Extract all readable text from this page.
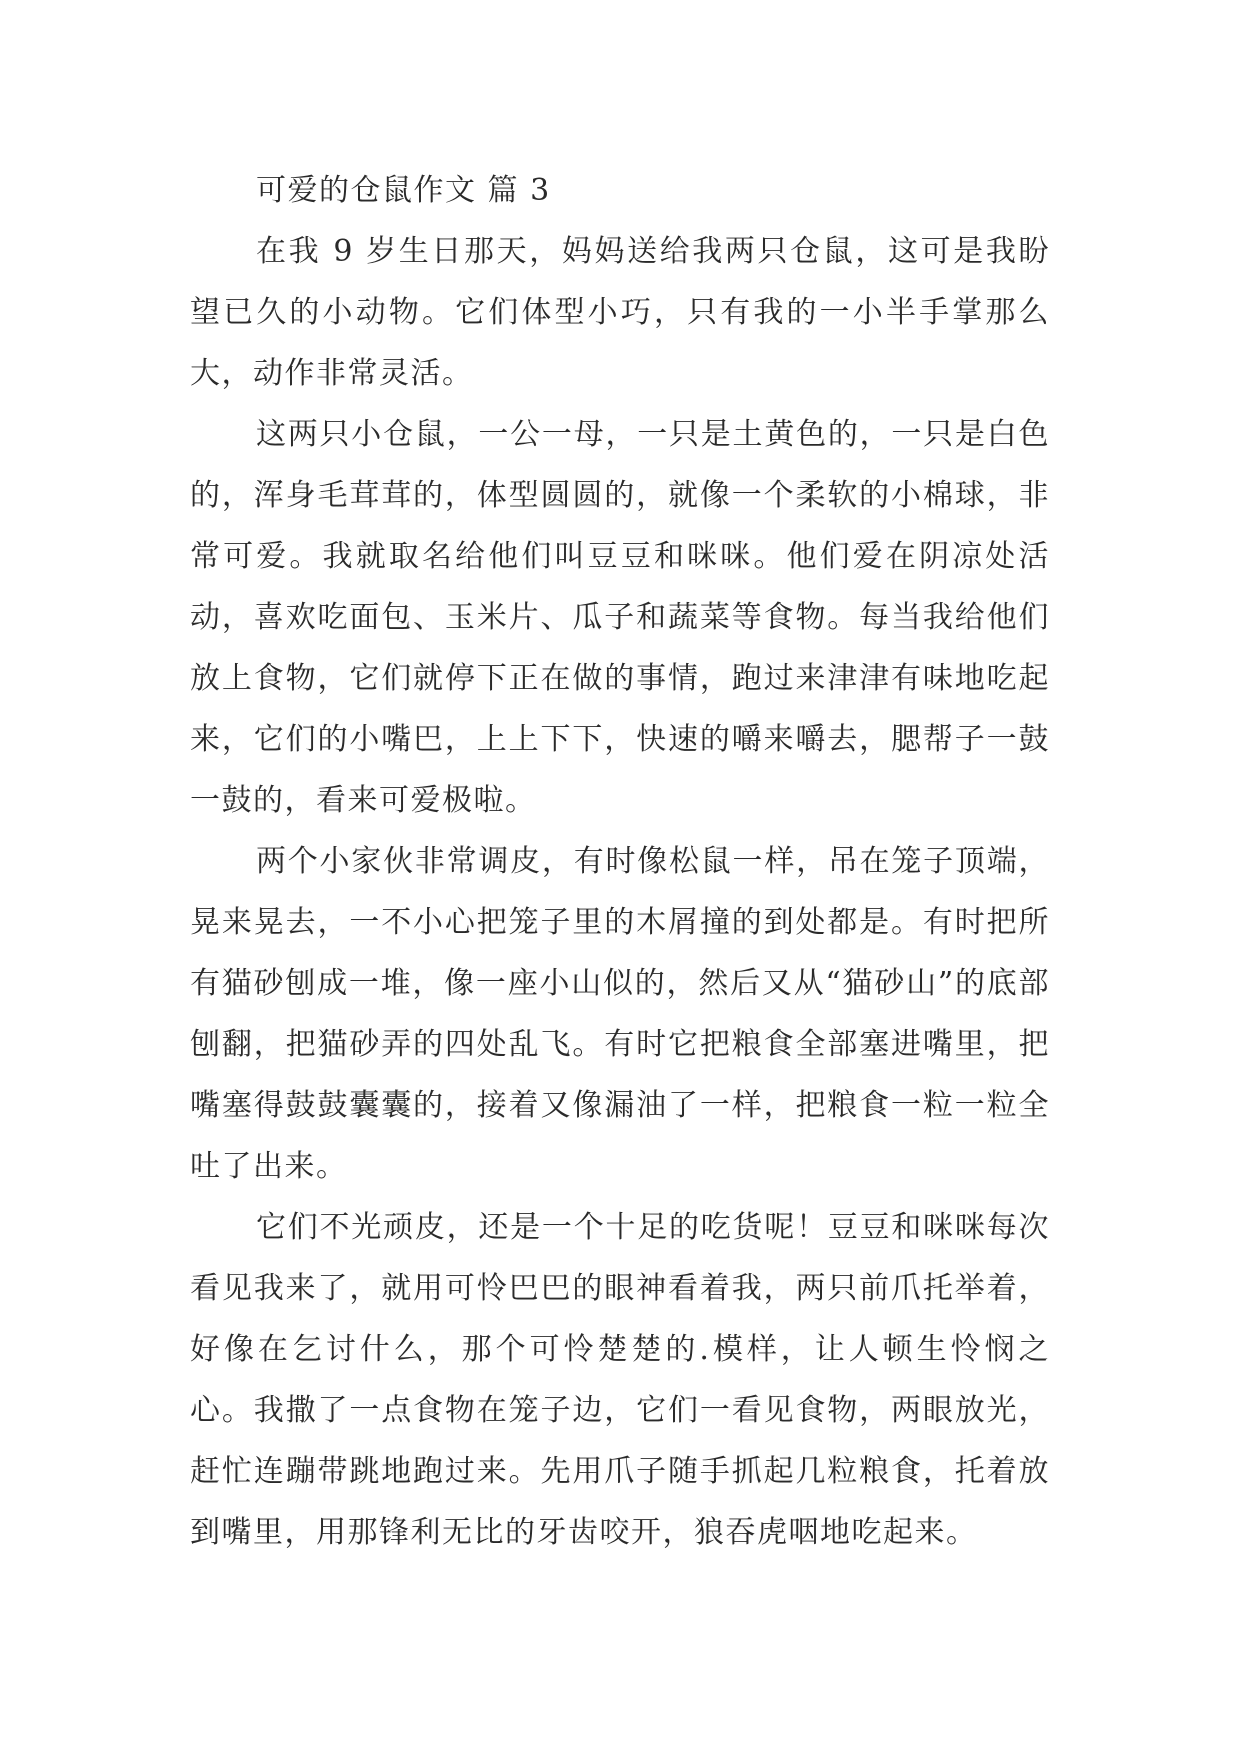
可爱的仓鼠作文 篇 3

在我 9 岁生日那天，妈妈送给我两只仓鼠，这可是我盼望已久的小动物。它们体型小巧，只有我的一小半手掌那么大，动作非常灵活。

这两只小仓鼠，一公一母，一只是土黄色的，一只是白色的，浑身毛茸茸的，体型圆圆的，就像一个柔软的小棉球，非常可爱。我就取名给他们叫豆豆和咪咪。他们爱在阴凉处活动，喜欢吃面包、玉米片、瓜子和蔬菜等食物。每当我给他们放上食物，它们就停下正在做的事情，跑过来津津有味地吃起来，它们的小嘴巴，上上下下，快速的嚼来嚼去，腮帮子一鼓一鼓的，看来可爱极啦。

两个小家伙非常调皮，有时像松鼠一样，吊在笼子顶端，晃来晃去，一不小心把笼子里的木屑撞的到处都是。有时把所有猫砂刨成一堆，像一座小山似的，然后又从“猫砂山”的底部刨翻，把猫砂弄的四处乱飞。有时它把粮食全部塞进嘴里，把嘴塞得鼓鼓囊囊的，接着又像漏油了一样，把粮食一粒一粒全吐了出来。

它们不光顽皮，还是一个十足的吃货呢！豆豆和咪咪每次看见我来了，就用可怜巴巴的眼神看着我，两只前爪托举着，好像在乞讨什么，那个可怜楚楚的.模样，让人顿生怜悯之心。我撒了一点食物在笼子边，它们一看见食物，两眼放光，赶忙连蹦带跳地跑过来。先用爪子随手抓起几粒粮食，托着放到嘴里，用那锋利无比的牙齿咬开，狼吞虎咽地吃起来。
